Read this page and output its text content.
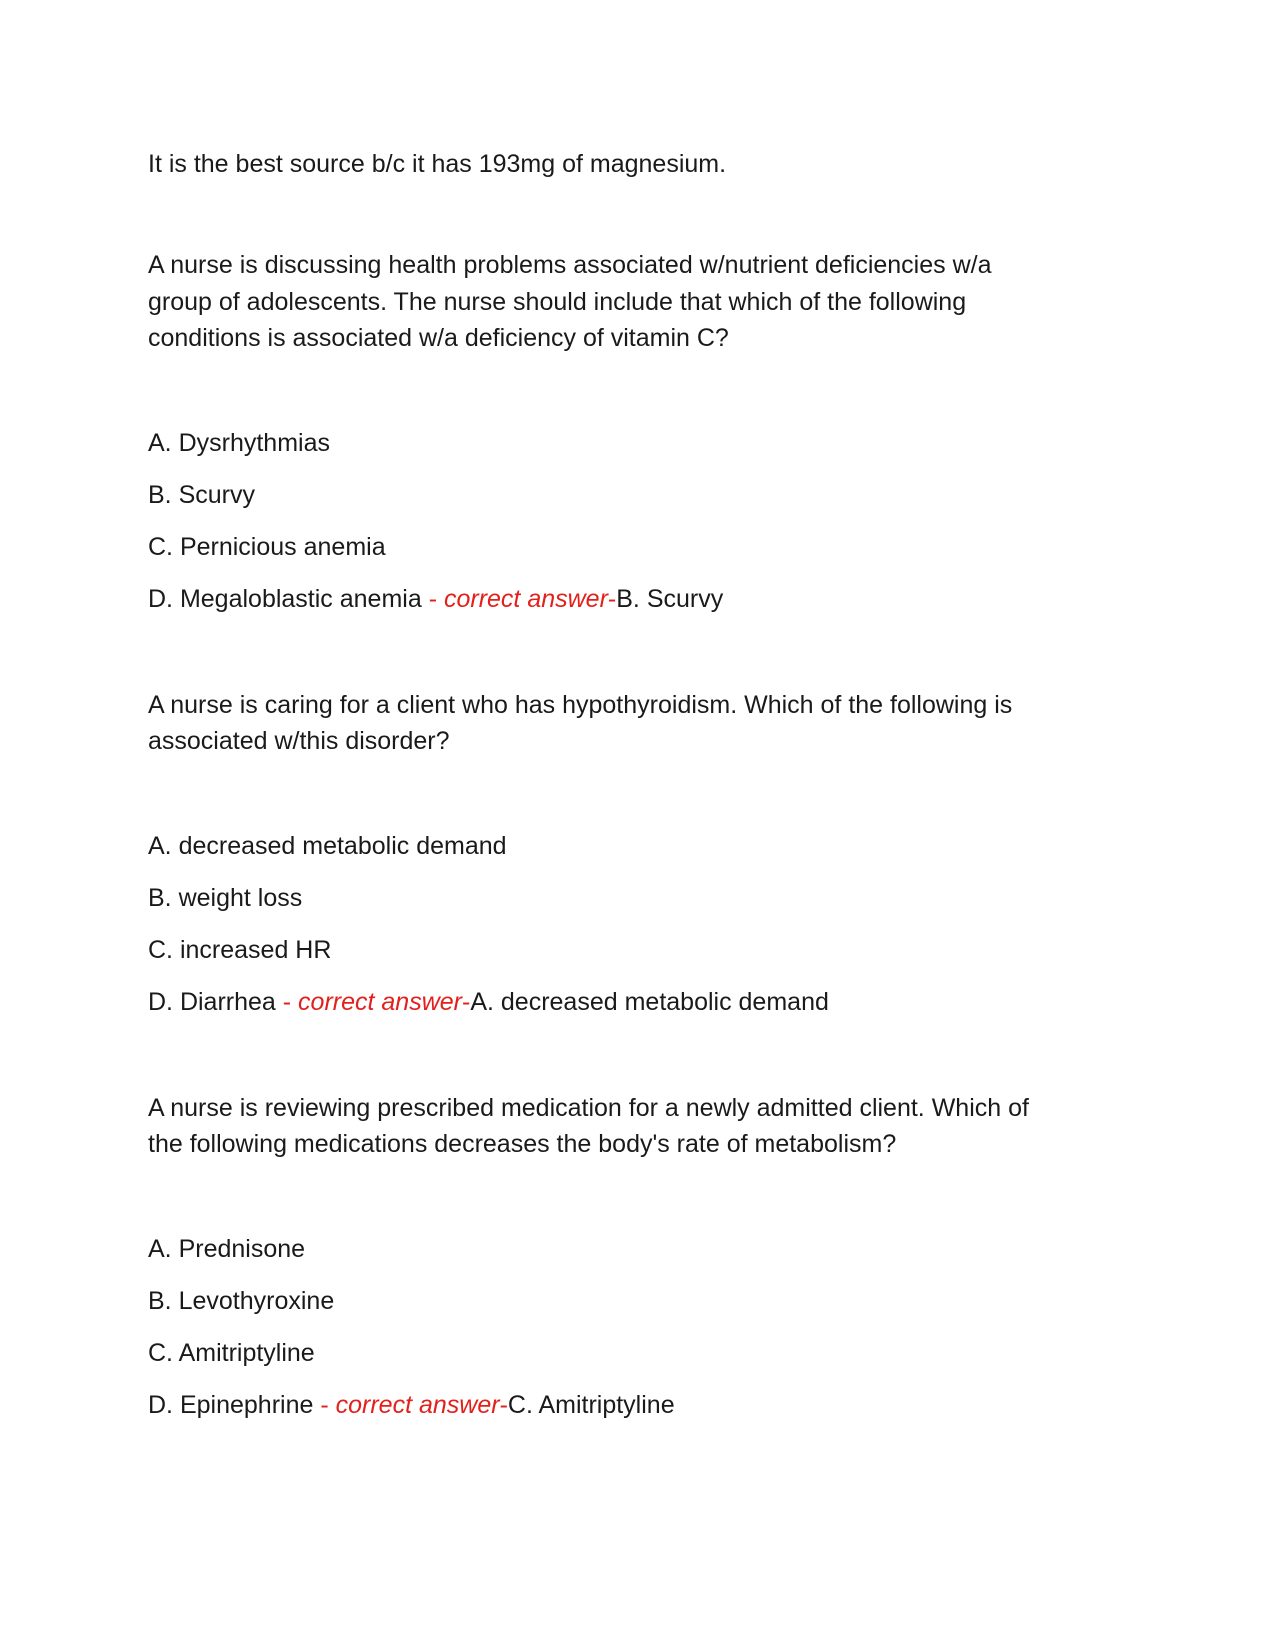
It is the best source b/c it has 193mg of magnesium.
A nurse is discussing health problems associated w/nutrient deficiencies w/a
group of adolescents. The nurse should include that which of the following
conditions is associated w/a deficiency of vitamin C?
A. Dysrhythmias
B. Scurvy
C. Pernicious anemia
D. Megaloblastic anemia - correct answer-B. Scurvy
A nurse is caring for a client who has hypothyroidism. Which of the following is
associated w/this disorder?
A. decreased metabolic demand
B. weight loss
C. increased HR
D. Diarrhea - correct answer-A. decreased metabolic demand
A nurse is reviewing prescribed medication for a newly admitted client. Which of
the following medications decreases the body's rate of metabolism?
A. Prednisone
B. Levothyroxine
C. Amitriptyline
D. Epinephrine - correct answer-C. Amitriptyline
